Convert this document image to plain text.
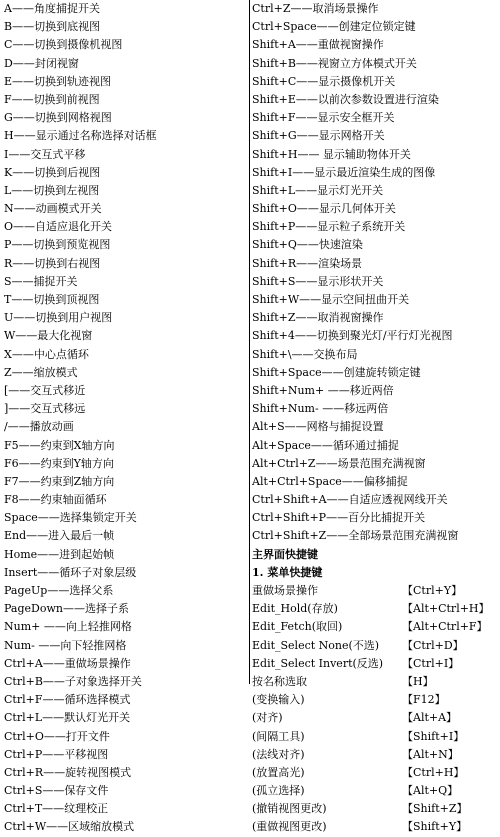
A——角度捕捉开关
B——切换到底视图
C——切换到摄像机视图
D——封闭视窗
E——切换到轨迹视图
F——切换到前视图
G——切换到网格视图
H——显示通过名称选择对话框
I——交互式平移
K——切换到后视图
L——切换到左视图
N——动画模式开关
O——自适应退化开关
P——切换到预览视图
R——切换到右视图
S——捕捉开关
T——切换到顶视图
U——切换到用户视图
W——最大化视窗
X——中心点循环
Z——缩放模式
[——交互式移近
]——交互式移远
/——播放动画
F5——约束到X轴方向
F6——约束到Y轴方向
F7——约束到Z轴方向
F8——约束轴面循环
Space——选择集锁定开关
End——进入最后一帧
Home——进到起始帧
Insert——循环子对象层级
PageUp——选择父系
PageDown——选择子系
Num+ ——向上轻推网格
Num- ——向下轻推网格
Ctrl+A——重做场景操作
Ctrl+B——子对象选择开关
Ctrl+F——循环选择模式
Ctrl+L——默认灯光开关
Ctrl+O——打开文件
Ctrl+P——平移视图
Ctrl+R——旋转视图模式
Ctrl+S——保存文件
Ctrl+T——纹理校正
Ctrl+W——区域缩放模式
Ctrl+Z——取消场景操作
Ctrl+Space——创建定位锁定键
Shift+A——重做视窗操作
Shift+B——视窗立方体模式开关
Shift+C——显示摄像机开关
Shift+E——以前次参数设置进行渲染
Shift+F——显示安全框开关
Shift+G——显示网格开关
Shift+H—— 显示辅助物体开关
Shift+I——显示最近渲染生成的图像
Shift+L——显示灯光开关
Shift+O——显示几何体开关
Shift+P——显示粒子系统开关
Shift+Q——快速渲染
Shift+R——渲染场景
Shift+S——显示形状开关
Shift+W——显示空间扭曲开关
Shift+Z——取消视窗操作
Shift+4——切换到聚光灯/平行灯光视图
Shift+\——交换布局
Shift+Space——创建旋转锁定键
Shift+Num+ ——移近两倍
Shift+Num- ——移远两倍
Alt+S——网格与捕捉设置
Alt+Space——循环通过捕捉
Alt+Ctrl+Z——场景范围充满视窗
Alt+Ctrl+Space——偏移捕捉
Ctrl+Shift+A——自适应透视网线开关
Ctrl+Shift+P——百分比捕捉开关
Ctrl+Shift+Z——全部场景范围充满视窗
主界面快捷键
1. 菜单快捷键
重做场景操作	【Ctrl+Y】
Edit_Hold(存放)	【Alt+Ctrl+H】
Edit_Fetch(取回)	【Alt+Ctrl+F】
Edit_Select None(不选) 【Ctrl+D】
Edit_Select Invert(反选) 【Ctrl+I】
按名称选取	【H】
(变换输入)	【F12】
(对齐)	【Alt+A】
(间隔工具)	【Shift+I】
(法线对齐)	【Alt+N】
(放置高光)	【Ctrl+H】
(孤立选择)	【Alt+Q】
(撤销视图更改)	【Shift+Z】
(重做视图更改)	【Shift+Y】
